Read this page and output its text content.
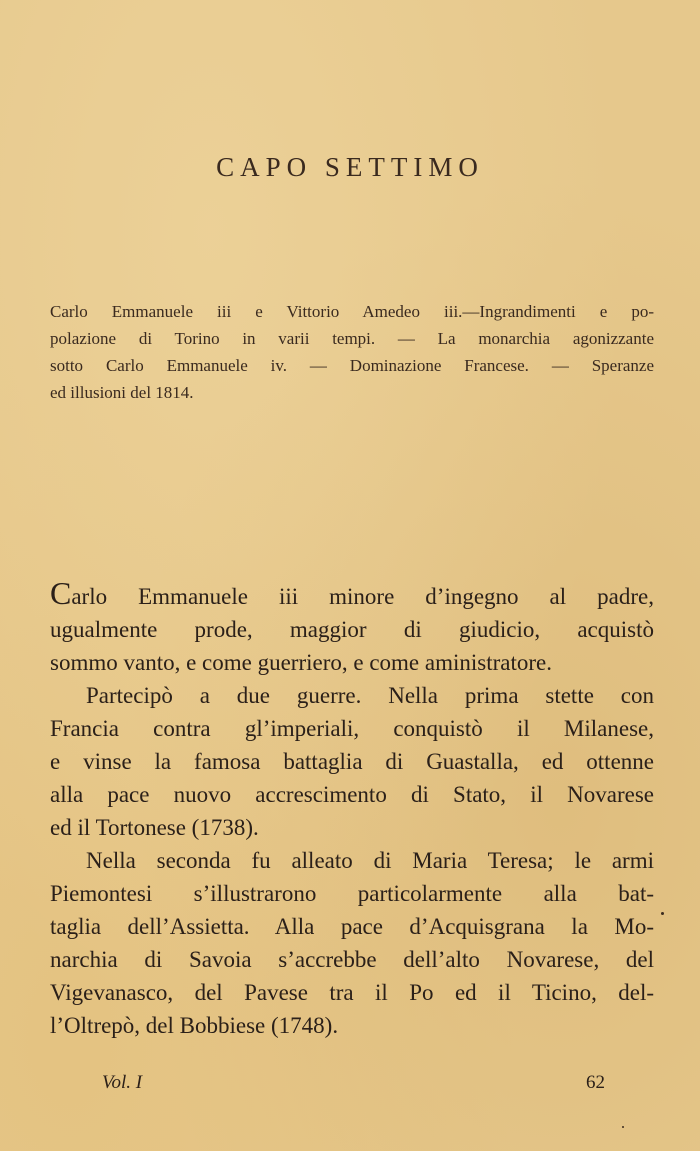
CAPO SETTIMO
Carlo Emmanuele iii e Vittorio Amedeo iii.—Ingrandimenti e po-
polazione di Torino in varii tempi. — La monarchia agonizzante
sotto Carlo Emmanuele iv. — Dominazione Francese. — Speranze
ed illusioni del 1814.
Carlo Emmanuele iii minore d’ingegno al padre,
ugualmente prode, maggior di giudicio, acquistò
sommo vanto, e come guerriero, e come aministratore.
Partecipò a due guerre. Nella prima stette con
Francia contra gl’imperiali, conquistò il Milanese,
e vinse la famosa battaglia di Guastalla, ed ottenne
alla pace nuovo accrescimento di Stato, il Novarese
ed il Tortonese (1738).
Nella seconda fu alleato di Maria Teresa; le armi
Piemontesi s’illustrarono particolarmente alla bat-
taglia dell’Assietta. Alla pace d’Acquisgrana la Mo-
narchia di Savoia s’accrebbe dell’alto Novarese, del
Vigevanasco, del Pavese tra il Po ed il Ticino, del-
l’Oltrepò, del Bobbiese (1748).
Vol. I	62
